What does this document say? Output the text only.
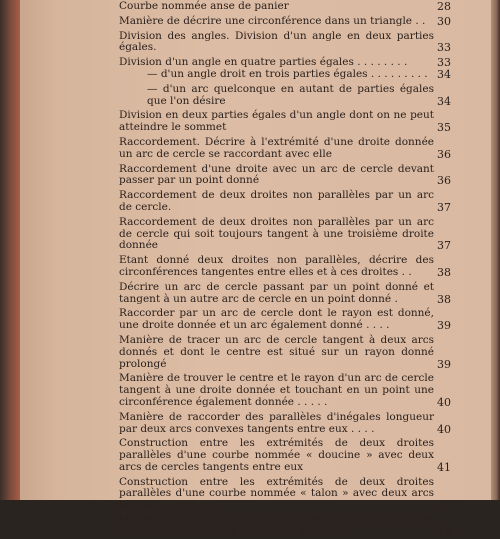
Courbe nommée anse de panier	28
Manière de décrire une circonférence dans un triangle . .	30
Division des angles. Division d'un angle en deux parties égales.	33
Division d'un angle en quatre parties égales . . . . . . . .	33
— d'un angle droit en trois parties égales . . . . . . . . . 34
— d'un arc quelconque en autant de parties égales que l'on désire	34
Division en deux parties égales d'un angle dont on ne peut atteindre le sommet	35
Raccordement. Décrire à l'extrémité d'une droite donnée un arc de cercle se raccordant avec elle	36
Raccordement d'une droite avec un arc de cercle devant passer par un point donné	36
Raccordement de deux droites non parallèles par un arc de cercle.	37
Raccordement de deux droites non parallèles par un arc de cercle qui soit toujours tangent à une troisième droite donnée	37
Etant donné deux droites non parallèles, décrire des circonférences tangentes entre elles et à ces droites . .	38
Décrire un arc de cercle passant par un point donné et tangent à un autre arc de cercle en un point donné .	38
Raccorder par un arc de cercle dont le rayon est donné, une droite donnée et un arc également donné . . . .	39
Manière de tracer un arc de cercle tangent à deux arcs donnés et dont le centre est situé sur un rayon donné prolongé	39
Manière de trouver le centre et le rayon d'un arc de cercle tangent à une droite donnée et touchant en un point une circonférence également donnée . . . . .	40
Manière de raccorder des parallèles d'inégales longueur par deux arcs convexes tangents entre eux . . . .	40
Construction entre les extrémités de deux droites parallèles d'une courbe nommée « doucine » avec deux arcs de cercles tangents entre eux	41
Construction entre les extrémités de deux droites parallèles d'une courbe nommée « talon » avec deux arcs tangents entre eux	41
Manière de tracer entre les extrémités de deux droites parallèles, une courbe nommée « scotie »	42
